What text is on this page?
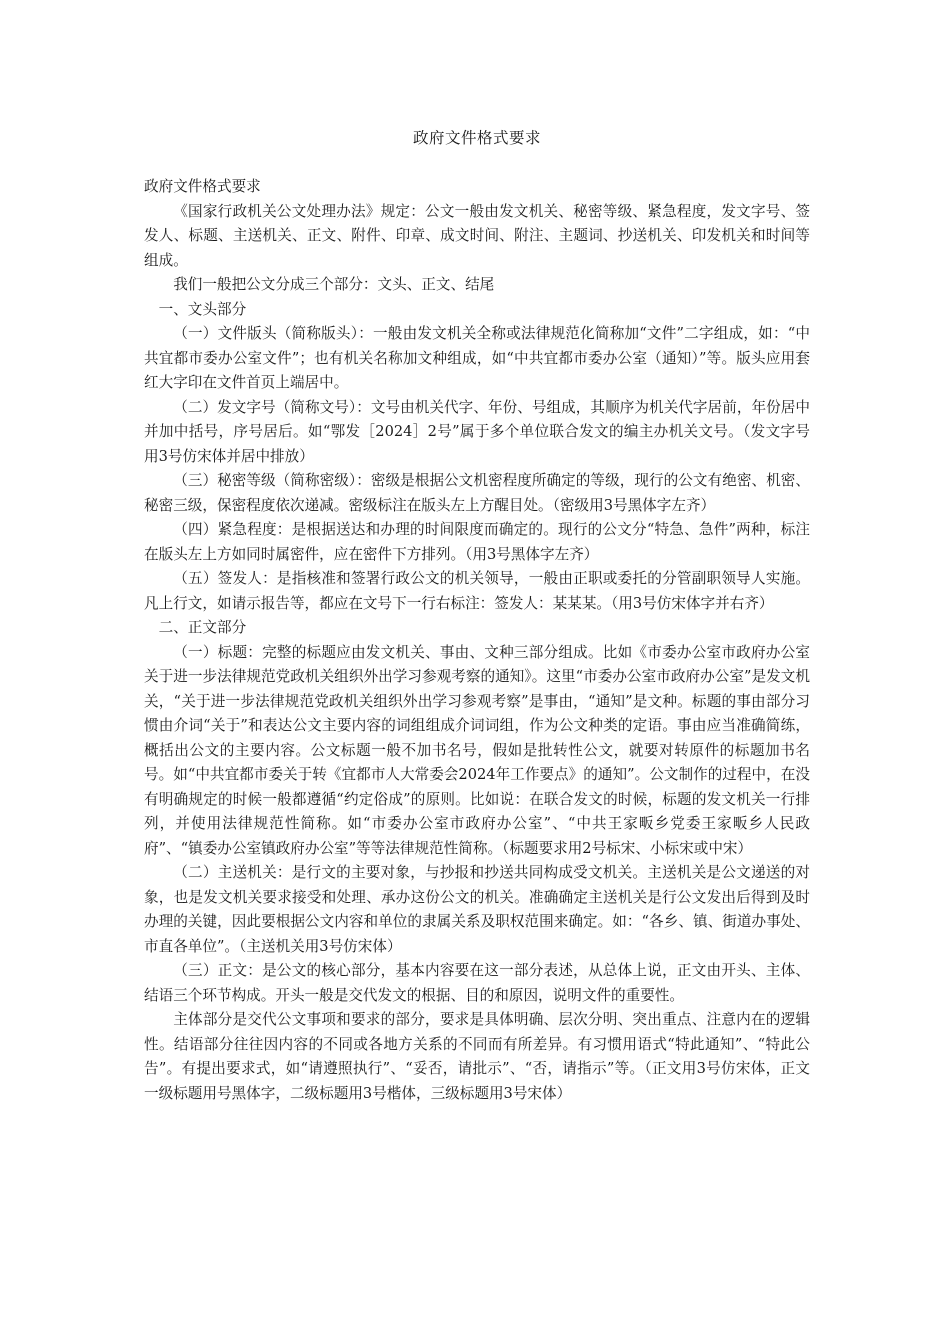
政府文件格式要求

政府文件格式要求

《国家行政机关公文处理办法》规定：公文一般由发文机关、秘密等级、紧急程度，发文字号、签发人、标题、主送机关、正文、附件、印章、成文时间、附注、主题词、抄送机关、印发机关和时间等组成。

我们一般把公文分成三个部分：文头、正文、结尾

一、文头部分

（一）文件版头（简称版头）：一般由发文机关全称或法律规范化简称加“文件”二字组成，如：“中共宜都市委办公室文件”；也有机关名称加文种组成，如“中共宜都市委办公室（通知）”等。版头应用套红大字印在文件首页上端居中。

（二）发文字号（简称文号）：文号由机关代字、年份、号组成，其顺序为机关代字居前，年份居中并加中括号，序号居后。如“鄂发［2024］2号”属于多个单位联合发文的编主办机关文号。（发文字号用3号仿宋体并居中排放）

（三）秘密等级（简称密级）：密级是根据公文机密程度所确定的等级，现行的公文有绝密、机密、秘密三级，保密程度依次递减。密级标注在版头左上方醒目处。（密级用3号黑体字左齐）

（四）紧急程度：是根据送达和办理的时间限度而确定的。现行的公文分“特急、急件”两种，标注在版头左上方如同时属密件，应在密件下方排列。（用3号黑体字左齐）

（五）签发人：是指核准和签署行政公文的机关领导，一般由正职或委托的分管副职领导人实施。凡上行文，如请示报告等，都应在文号下一行右标注：签发人：某某某。（用3号仿宋体字并右齐）

二、正文部分

（一）标题：完整的标题应由发文机关、事由、文种三部分组成。比如《市委办公室市政府办公室关于进一步法律规范党政机关组织外出学习参观考察的通知》。这里“市委办公室市政府办公室”是发文机关，“关于进一步法律规范党政机关组织外出学习参观考察”是事由，“通知”是文种。标题的事由部分习惯由介词“关于”和表达公文主要内容的词组组成介词词组，作为公文种类的定语。事由应当准确简练，概括出公文的主要内容。公文标题一般不加书名号，假如是批转性公文，就要对转原件的标题加书名号。如“中共宜都市委关于转《宜都市人大常委会2024年工作要点》的通知”。公文制作的过程中，在没有明确规定的时候一般都遵循“约定俗成”的原则。比如说：在联合发文的时候，标题的发文机关一行排列，并使用法律规范性简称。如“市委办公室市政府办公室”、“中共王家畈乡党委王家畈乡人民政府”、“镇委办公室镇政府办公室”等等法律规范性简称。（标题要求用2号标宋、小标宋或中宋）

（二）主送机关：是行文的主要对象，与抄报和抄送共同构成受文机关。主送机关是公文递送的对象，也是发文机关要求接受和处理、承办这份公文的机关。准确确定主送机关是行公文发出后得到及时办理的关键，因此要根据公文内容和单位的隶属关系及职权范围来确定。如：“各乡、镇、街道办事处、市直各单位”。（主送机关用3号仿宋体）

（三）正文：是公文的核心部分，基本内容要在这一部分表述，从总体上说，正文由开头、主体、结语三个环节构成。开头一般是交代发文的根据、目的和原因，说明文件的重要性。

主体部分是交代公文事项和要求的部分，要求是具体明确、层次分明、突出重点、注意内在的逻辑性。结语部分往往因内容的不同或各地方关系的不同而有所差异。有习惯用语式“特此通知”、“特此公告”。有提出要求式，如“请遵照执行”、“妥否，请批示”、“否，请指示”等。（正文用3号仿宋体，正文一级标题用号黑体字，二级标题用3号楷体，三级标题用3号宋体）
